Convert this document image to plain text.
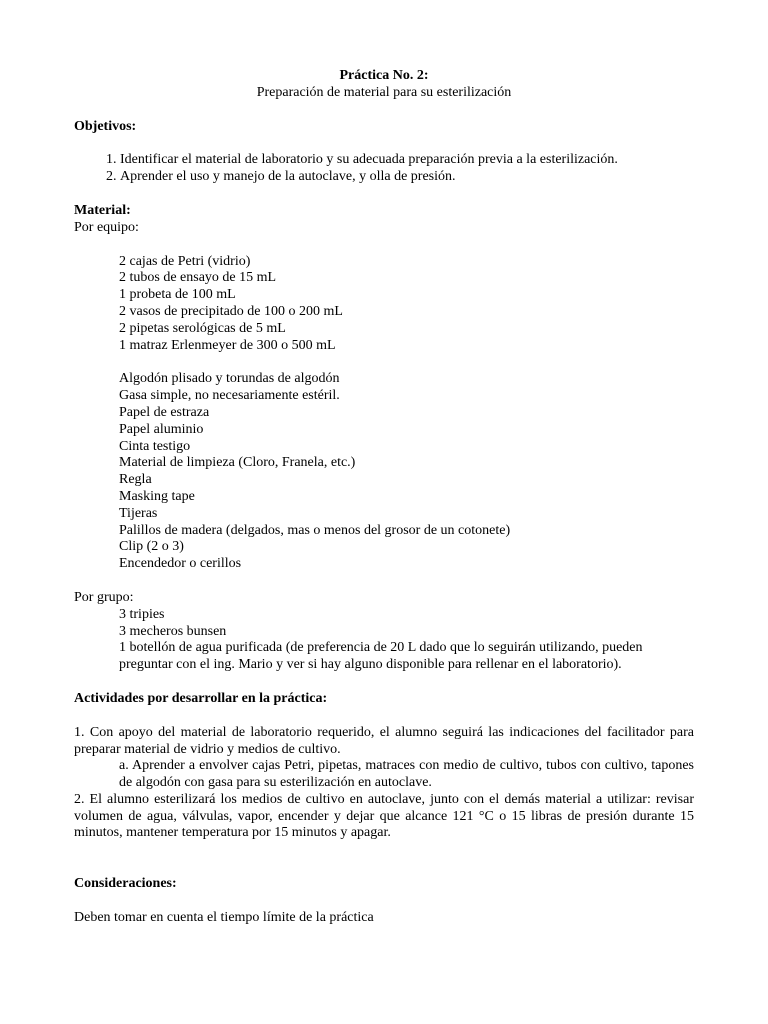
Práctica No. 2:

Preparación de material para su esterilización

Objetivos:

1. Identificar el material de laboratorio y su adecuada preparación previa a la esterilización.
2. Aprender el uso y manejo de la autoclave, y olla de presión.

Material:

Por equipo:

2 cajas de Petri (vidrio)

2 tubos de ensayo de 15 mL

1 probeta de 100 mL

2 vasos de precipitado de 100 o 200 mL

2 pipetas serológicas de 5 mL

1 matraz Erlenmeyer de 300 o 500 mL

Algodón plisado y torundas de algodón

Gasa simple, no necesariamente estéril.

Papel de estraza

Papel aluminio

Cinta testigo

Material de limpieza (Cloro, Franela, etc.)

Regla

Masking tape

Tijeras

Palillos de madera (delgados, mas o menos del grosor de un cotonete)

Clip (2 o 3)

Encendedor o cerillos

Por grupo:

3 tripies

3 mecheros bunsen

1 botellón de agua purificada (de preferencia de 20 L dado que lo seguirán utilizando, pueden preguntar con el ing. Mario y ver si hay alguno disponible para rellenar en el laboratorio).

Actividades por desarrollar en la práctica:

1. Con apoyo del material de laboratorio requerido, el alumno seguirá las indicaciones del facilitador para preparar material de vidrio y medios de cultivo.

a. Aprender a envolver cajas Petri, pipetas, matraces con medio de cultivo, tubos con cultivo, tapones de algodón con gasa para su esterilización en autoclave.

2. El alumno esterilizará los medios de cultivo en autoclave, junto con el demás material a utilizar: revisar volumen de agua, válvulas, vapor, encender y dejar que alcance 121 °C o 15 libras de presión durante 15 minutos, mantener temperatura por 15 minutos y apagar.

Consideraciones:

Deben tomar en cuenta el tiempo límite de la práctica
